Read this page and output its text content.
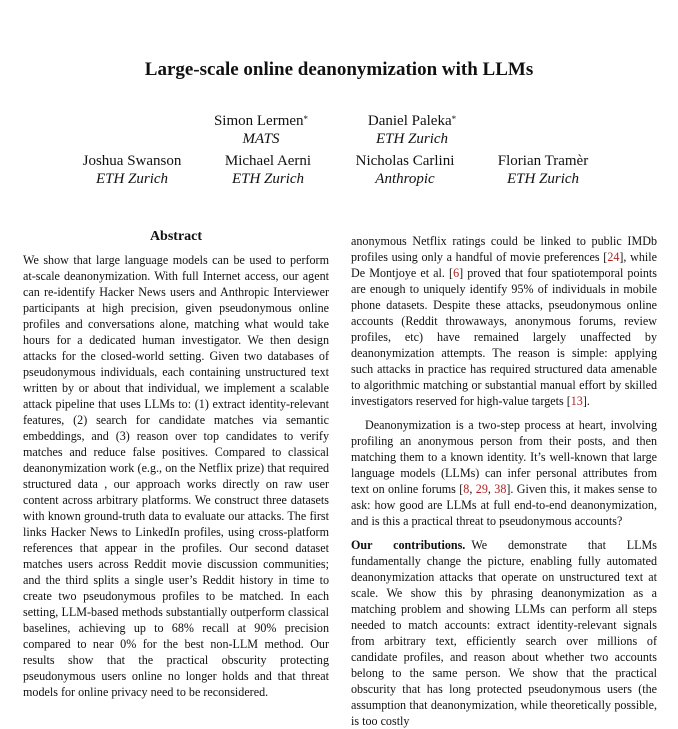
Large-scale online deanonymization with LLMs
Simon Lermen*
MATS
Daniel Paleka*
ETH Zurich
Joshua Swanson
ETH Zurich
Michael Aerni
ETH Zurich
Nicholas Carlini
Anthropic
Florian Tramèr
ETH Zurich
Abstract

We show that large language models can be used to perform at-scale deanonymization. With full Internet access, our agent can re-identify Hacker News users and Anthropic Interviewer participants at high precision, given pseudonymous online profiles and conversations alone, matching what would take hours for a dedicated human investigator. We then design attacks for the closed-world setting. Given two databases of pseudonymous individuals, each containing unstructured text written by or about that individual, we implement a scalable attack pipeline that uses LLMs to: (1) extract identity-relevant features, (2) search for candidate matches via semantic embeddings, and (3) reason over top candidates to verify matches and reduce false positives. Compared to classical deanonymization work (e.g., on the Netflix prize) that required structured data , our approach works directly on raw user content across arbitrary platforms. We construct three datasets with known ground-truth data to evaluate our attacks. The first links Hacker News to LinkedIn profiles, using cross-platform references that appear in the profiles. Our second dataset matches users across Reddit movie discussion communities; and the third splits a single user’s Reddit history in time to create two pseudonymous profiles to be matched. In each setting, LLM-based methods substantially outperform classical baselines, achieving up to 68% recall at 90% precision compared to near 0% for the best non-LLM method. Our results show that the practical obscurity protecting pseudonymous users online no longer holds and that threat models for online privacy need to be reconsidered.

anonymous Netflix ratings could be linked to public IMDb profiles using only a handful of movie preferences [24], while De Montjoye et al. [6] proved that four spatiotemporal points are enough to uniquely identify 95% of individuals in mobile phone datasets. Despite these attacks, pseudonymous online accounts (Reddit throwaways, anonymous forums, review profiles, etc) have remained largely unaffected by deanonymization attempts. The reason is simple: applying such attacks in practice has required structured data amenable to algorithmic matching or substantial manual effort by skilled investigators reserved for high-value targets [13].

Deanonymization is a two-step process at heart, involving profiling an anonymous person from their posts, and then matching them to a known identity. It’s well-known that large language models (LLMs) can infer personal attributes from text on online forums [8, 29, 38]. Given this, it makes sense to ask: how good are LLMs at full end-to-end deanonymization, and is this a practical threat to pseudonymous accounts?

Our contributions. We demonstrate that LLMs fundamentally change the picture, enabling fully automated deanonymization attacks that operate on unstructured text at scale. We show this by phrasing deanonymization as a matching problem and showing LLMs can perform all steps needed to match accounts: extract identity-relevant signals from arbitrary text, efficiently search over millions of candidate profiles, and reason about whether two accounts belong to the same person. We show that the practical obscurity that has long protected pseudonymous users (the assumption that deanonymization, while theoretically possible, is too costly
